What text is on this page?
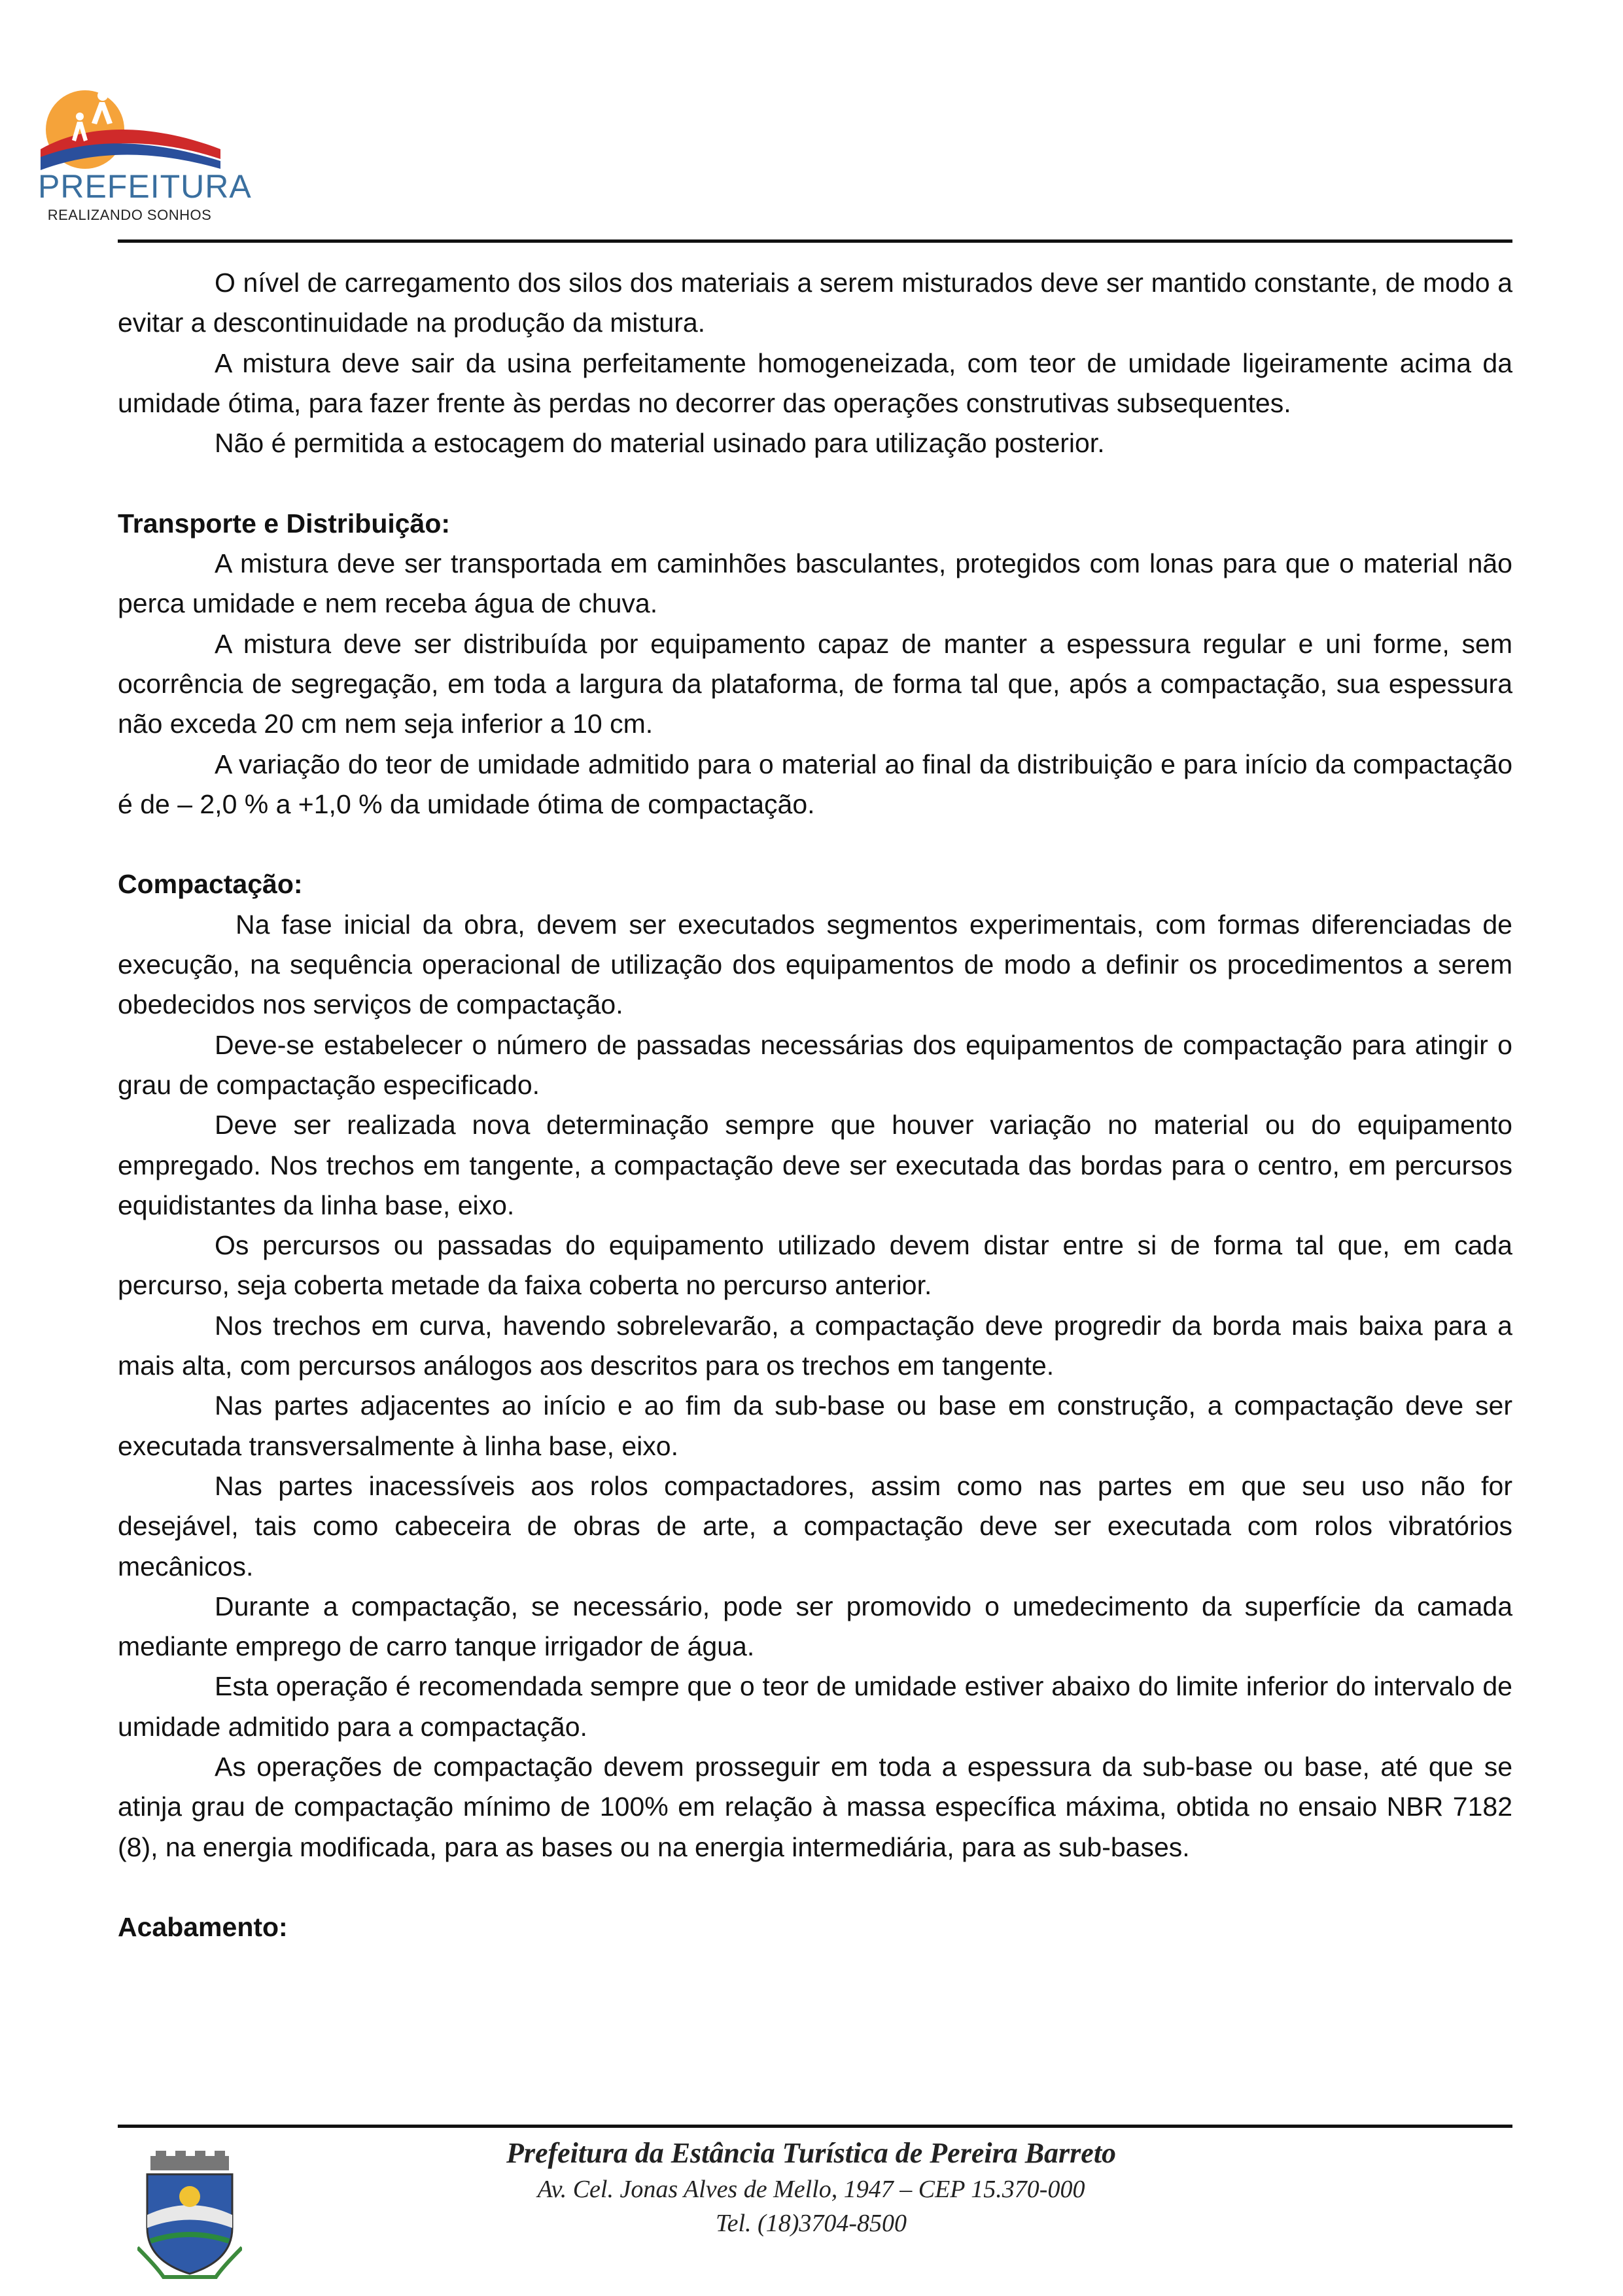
PREFEITURA
REALIZANDO SONHOS

O nível de carregamento dos silos dos materiais a serem misturados deve ser mantido constante, de modo a evitar a descontinuidade na produção da mistura.

A mistura deve sair da usina perfeitamente homogeneizada, com teor de umidade ligeiramente acima da umidade ótima, para fazer frente às perdas no decorrer das operações construtivas subsequentes.

Não é permitida a estocagem do material usinado para utilização posterior.

Transporte e Distribuição:

A mistura deve ser transportada em caminhões basculantes, protegidos com lonas para que o material não perca umidade e nem receba água de chuva.

A mistura deve ser distribuída por equipamento capaz de manter a espessura regular e uni forme, sem ocorrência de segregação, em toda a largura da plataforma, de forma tal que, após a compactação, sua espessura não exceda 20 cm nem seja inferior a 10 cm.

A variação do teor de umidade admitido para o material ao final da distribuição e para início da compactação é de – 2,0 % a +1,0 % da umidade ótima de compactação.

Compactação:

Na fase inicial da obra, devem ser executados segmentos experimentais, com formas diferenciadas de execução, na sequência operacional de utilização dos equipamentos de modo a definir os procedimentos a serem obedecidos nos serviços de compactação.

Deve-se estabelecer o número de passadas necessárias dos equipamentos de compactação para atingir o grau de compactação especificado.

Deve ser realizada nova determinação sempre que houver variação no material ou do equipamento empregado. Nos trechos em tangente, a compactação deve ser executada das bordas para o centro, em percursos equidistantes da linha base, eixo.

Os percursos ou passadas do equipamento utilizado devem distar entre si de forma tal que, em cada percurso, seja coberta metade da faixa coberta no percurso anterior.

Nos trechos em curva, havendo sobrelevarão, a compactação deve progredir da borda mais baixa para a mais alta, com percursos análogos aos descritos para os trechos em tangente.

Nas partes adjacentes ao início e ao fim da sub-base ou base em construção, a compactação deve ser executada transversalmente à linha base, eixo.

Nas partes inacessíveis aos rolos compactadores, assim como nas partes em que seu uso não for desejável, tais como cabeceira de obras de arte, a compactação deve ser executada com rolos vibratórios mecânicos.

Durante a compactação, se necessário, pode ser promovido o umedecimento da superfície da camada mediante emprego de carro tanque irrigador de água.

Esta operação é recomendada sempre que o teor de umidade estiver abaixo do limite inferior do intervalo de umidade admitido para a compactação.

As operações de compactação devem prosseguir em toda a espessura da sub-base ou base, até que se atinja grau de compactação mínimo de 100% em relação à massa específica máxima, obtida no ensaio NBR 7182 (8), na energia modificada, para as bases ou na energia intermediária, para as sub-bases.

Acabamento:

Prefeitura da Estância Turística de Pereira Barreto
Av. Cel. Jonas Alves de Mello, 1947 – CEP 15.370-000
Tel. (18)3704-8500
